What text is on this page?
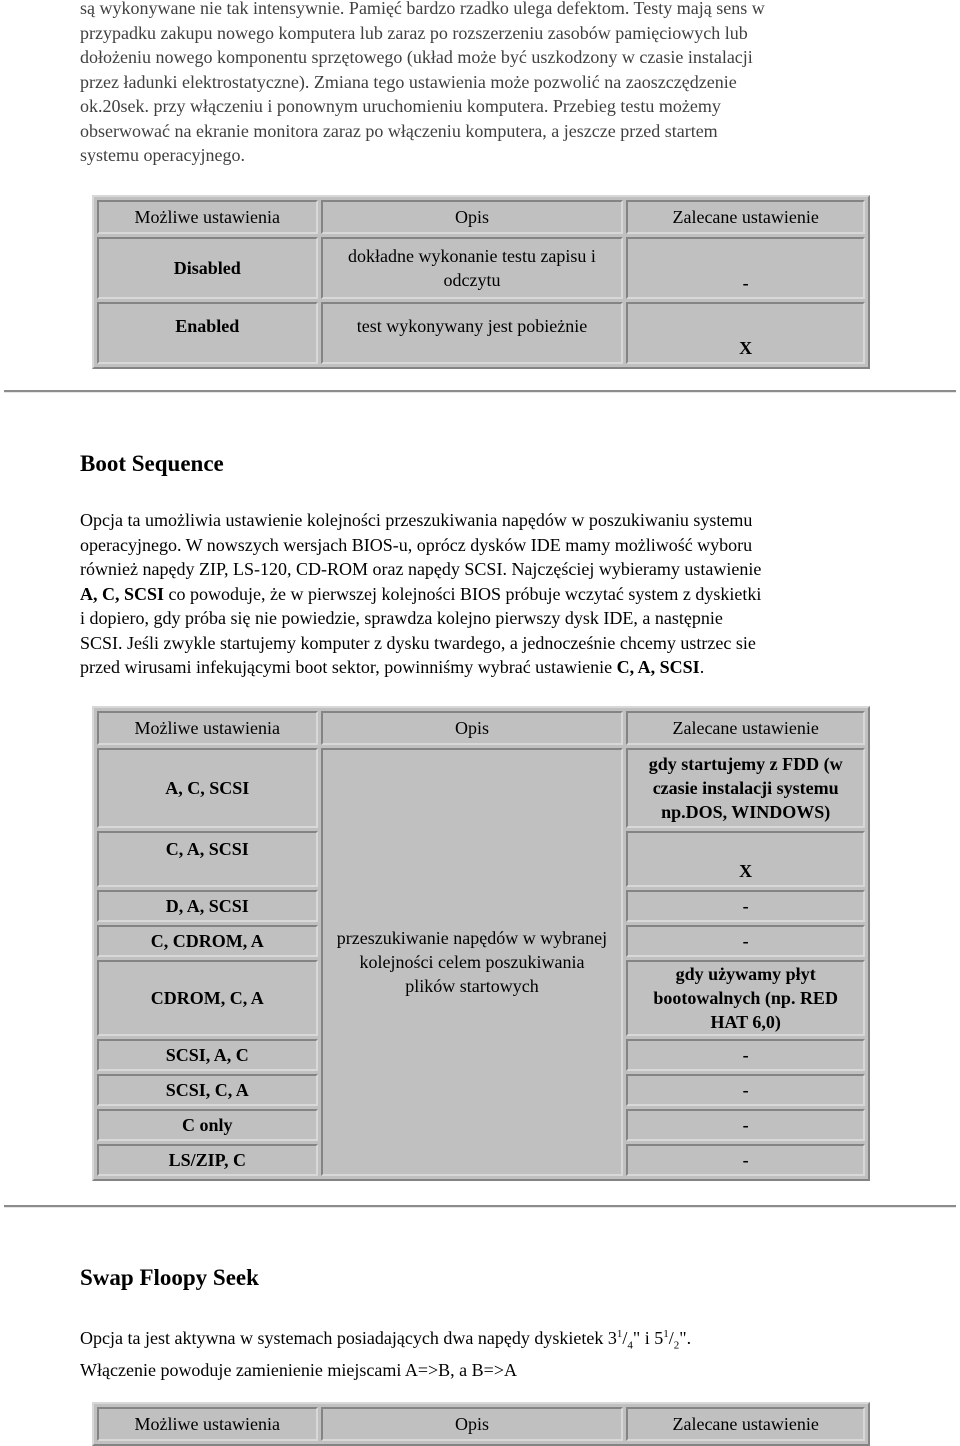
są wykonywane nie tak intensywnie. Pamięć bardzo rzadko ulega defektom. Testy mają sens w
przypadku zakupu nowego komputera lub zaraz po rozszerzeniu zasobów pamięciowych lub
dołożeniu nowego komponentu sprzętowego (układ może być uszkodzony w czasie instalacji
przez ładunki elektrostatyczne). Zmiana tego ustawienia może pozwolić na zaoszczędzenie
ok.20sek. przy włączeniu i ponownym uruchomieniu komputera. Przebieg testu możemy
obserwować na ekranie monitora zaraz po włączeniu komputera, a jeszcze przed startem
systemu operacyjnego.
Możliwe ustawienia	Opis	Zalecane ustawienie
Disabled	dokładne wykonanie testu zapisu i odczytu	-
Enabled	test wykonywany jest pobieżnie	X
Boot Sequence
Opcja ta umożliwia ustawienie kolejności przeszukiwania napędów w poszukiwaniu systemu
operacyjnego. W nowszych wersjach BIOS-u, oprócz dysków IDE mamy możliwość wyboru
również napędy ZIP, LS-120, CD-ROM oraz napędy SCSI. Najczęściej wybieramy ustawienie
A, C, SCSI co powoduje, że w pierwszej kolejności BIOS próbuje wczytać system z dyskietki
i dopiero, gdy próba się nie powiedzie, sprawdza kolejno pierwszy dysk IDE, a następnie
SCSI. Jeśli zwykle startujemy komputer z dysku twardego, a jednocześnie chcemy ustrzec sie
przed wirusami infekującymi boot sektor, powinniśmy wybrać ustawienie C, A, SCSI.
Możliwe ustawienia	Opis	Zalecane ustawienie
A, C, SCSI	przeszukiwanie napędów w wybranej kolejności celem poszukiwania plików startowych	gdy startujemy z FDD (w czasie instalacji systemu np.DOS, WINDOWS)
C, A, SCSI		X
D, A, SCSI		-
C, CDROM, A		-
CDROM, C, A		gdy używamy płyt bootowalnych (np. RED HAT 6,0)
SCSI, A, C		-
SCSI, C, A		-
C only		-
LS/ZIP, C		-
Swap Floopy Seek
Opcja ta jest aktywna w systemach posiadających dwa napędy dyskietek $3^1/_4$" i $5^1/_2$".
Włączenie powoduje zamienienie miejscami A=>B, a B=>A
Możliwe ustawienia	Opis	Zalecane ustawienie
